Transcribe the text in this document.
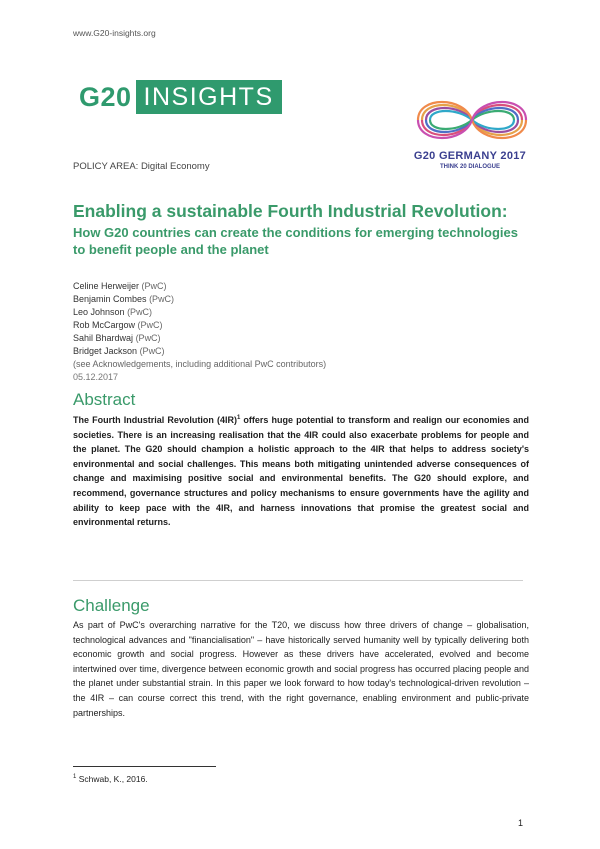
www.G20-insights.org
G20 INSIGHTS
G20 GERMANY 2017
THINK 20 DIALOGUE
POLICY AREA: Digital Economy
Enabling a sustainable Fourth Industrial Revolution:
How G20 countries can create the conditions for emerging technologies to benefit people and the planet
Celine Herweijer (PwC)
Benjamin Combes (PwC)
Leo Johnson (PwC)
Rob McCargow (PwC)
Sahil Bhardwaj (PwC)
Bridget Jackson (PwC)
(see Acknowledgements, including additional PwC contributors)
05.12.2017
Abstract
The Fourth Industrial Revolution $(4IR)^1$ offers huge potential to transform and realign our economies and societies. There is an increasing realisation that the 4IR could also exacerbate problems for people and the planet. The G20 should champion a holistic approach to the 4IR that helps to address society's environmental and social challenges. This means both mitigating unintended adverse consequences of change and maximising positive social and environmental benefits. The G20 should explore, and recommend, governance structures and policy mechanisms to ensure governments have the agility and ability to keep pace with the 4IR, and harness innovations that promise the greatest social and environmental returns.
Challenge
As part of PwC's overarching narrative for the T20, we discuss how three drivers of change – globalisation, technological advances and "financialisation" – have historically served humanity well by typically delivering both economic growth and social progress. However as these drivers have accelerated, evolved and become intertwined over time, divergence between economic growth and social progress has occurred placing people and the planet under substantial strain. In this paper we look forward to how today's technological-driven revolution – the 4IR – can course correct this trend, with the right governance, enabling environment and public-private partnerships.
$^1$ Schwab, K., 2016.
1
